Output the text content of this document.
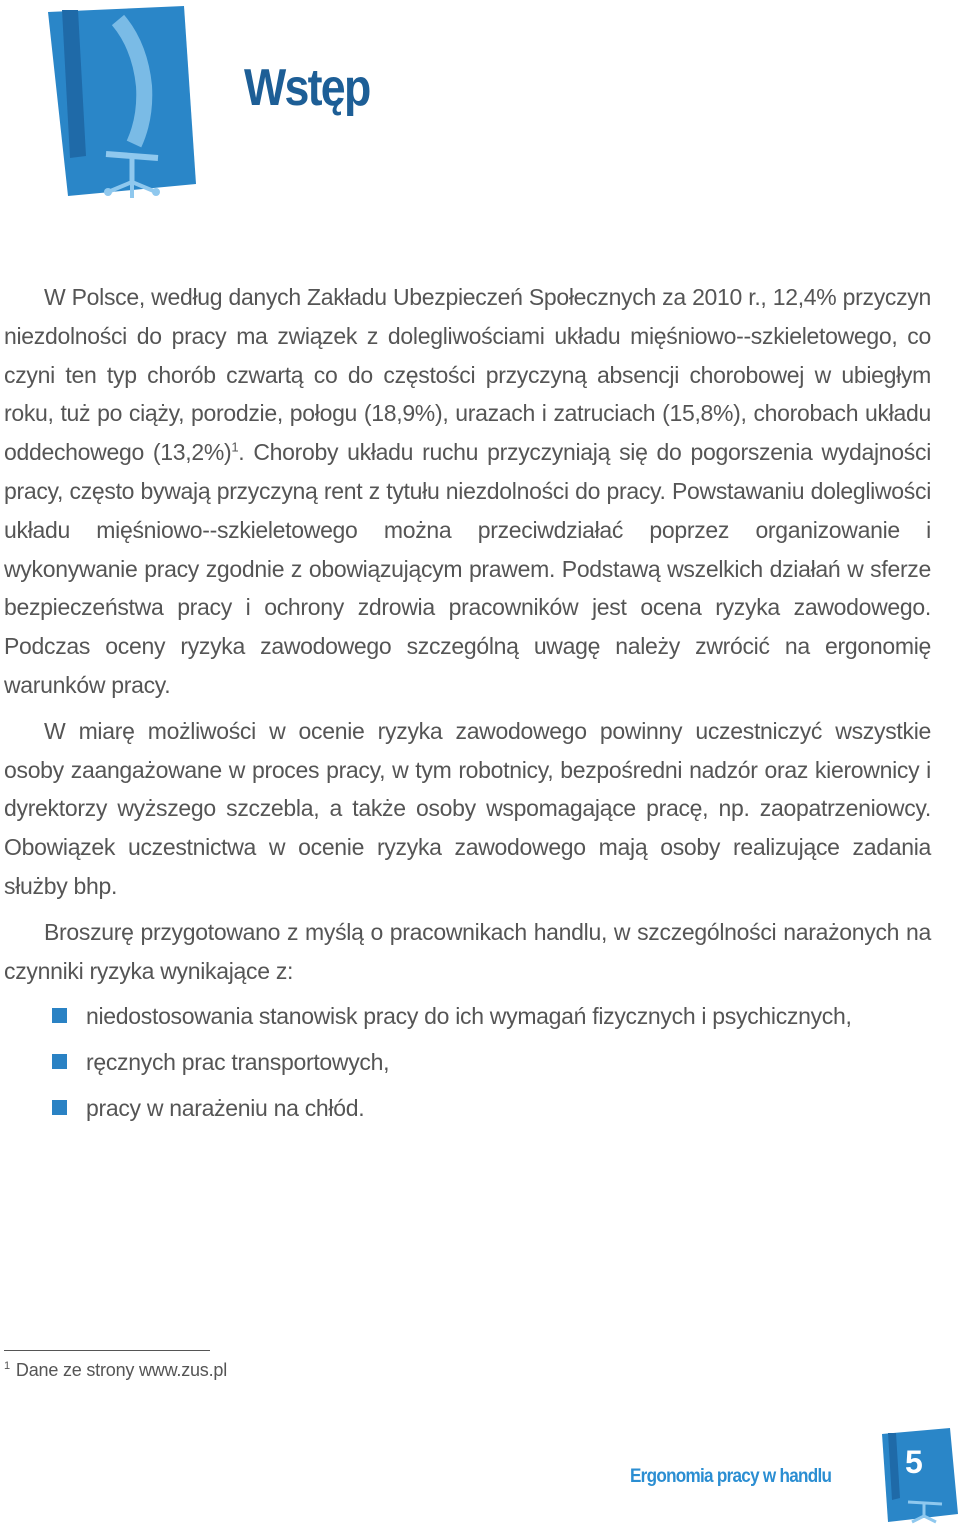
Wstęp

W Polsce, według danych Zakładu Ubezpieczeń Społecznych za 2010 r., 12,4% przyczyn niezdolności do pracy ma związek z dolegliwościami układu mięśniowo--szkieletowego, co czyni ten typ chorób czwartą co do częstości przyczyną absencji chorobowej w ubiegłym roku, tuż po ciąży, porodzie, połogu (18,9%), urazach i zatruciach (15,8%), chorobach układu oddechowego $(13,2\%)^1$. Choroby układu ruchu przyczyniają się do pogorszenia wydajności pracy, często bywają przyczyną rent z tytułu niezdolności do pracy. Powstawaniu dolegliwości układu mięśniowo--szkieletowego można przeciwdziałać poprzez organizowanie i wykonywanie pracy zgodnie z obowiązującym prawem. Podstawą wszelkich działań w sferze bezpieczeństwa pracy i ochrony zdrowia pracowników jest ocena ryzyka zawodowego. Podczas oceny ryzyka zawodowego szczególną uwagę należy zwrócić na ergonomię warunków pracy.

W miarę możliwości w ocenie ryzyka zawodowego powinny uczestniczyć wszystkie osoby zaangażowane w proces pracy, w tym robotnicy, bezpośredni nadzór oraz kierownicy i dyrektorzy wyższego szczebla, a także osoby wspomagające pracę, np. zaopatrzeniowcy. Obowiązek uczestnictwa w ocenie ryzyka zawodowego mają osoby realizujące zadania służby bhp.

Broszurę przygotowano z myślą o pracownikach handlu, w szczególności narażonych na czynniki ryzyka wynikające z:

niedostosowania stanowisk pracy do ich wymagań fizycznych i psychicznych,
ręcznych prac transportowych,
pracy w narażeniu na chłód.
$^1$ Dane ze strony www.zus.pl
Ergonomia pracy w handlu 5
